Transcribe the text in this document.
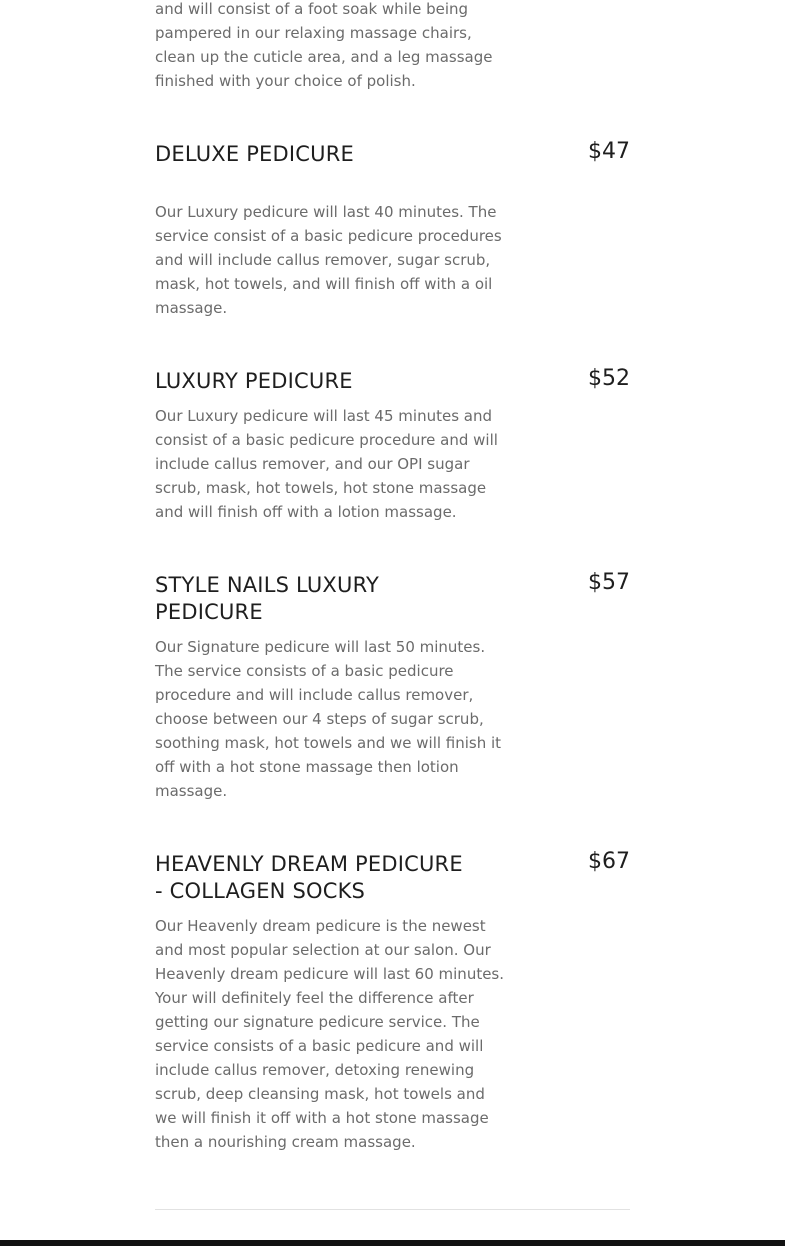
and will consist of a foot soak while being
pampered in our relaxing massage chairs,
clean up the cuticle area, and a leg massage
finished with your choice of polish.

DELUXE PEDICURE	$47

Our Luxury pedicure will last 40 minutes. The
service consist of a basic pedicure procedures
and will include callus remover, sugar scrub,
mask, hot towels, and will finish off with a oil
massage.

LUXURY PEDICURE	$52

Our Luxury pedicure will last 45 minutes and
consist of a basic pedicure procedure and will
include callus remover, and our OPI sugar
scrub, mask, hot towels, hot stone massage
and will finish off with a lotion massage.

STYLE NAILS LUXURY
PEDICURE
$57

Our Signature pedicure will last 50 minutes.
The service consists of a basic pedicure
procedure and will include callus remover,
choose between our 4 steps of sugar scrub,
soothing mask, hot towels and we will finish it
off with a hot stone massage then lotion
massage.

HEAVENLY DREAM PEDICURE
- COLLAGEN SOCKS
$67

Our Heavenly dream pedicure is the newest
and most popular selection at our salon. Our
Heavenly dream pedicure will last 60 minutes.
Your will definitely feel the difference after
getting our signature pedicure service. The
service consists of a basic pedicure and will
include callus remover, detoxing renewing
scrub, deep cleansing mask, hot towels and
we will finish it off with a hot stone massage
then a nourishing cream massage.
